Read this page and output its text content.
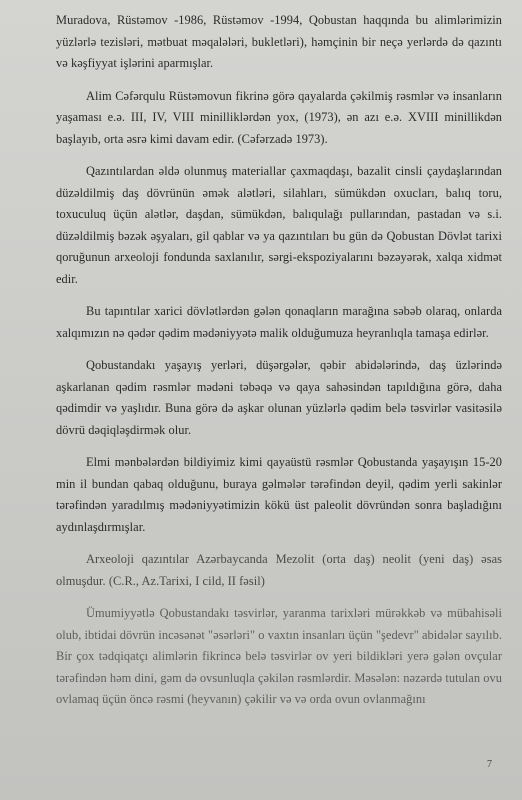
Muradova, Rüstəmov -1986, Rüstəmov -1994, Qobustan haqqında bu alimlərimizin yüzlərlə tezisləri, mətbuat məqalələri, bukletləri), həmçinin bir neçə yerlərdə də qazıntı və kəşfiyyat işlərini aparmışlar.

Alim Cəfərqulu Rüstəmovun fikrinə görə qayalarda çəkilmiş rəsmlər və insanların yaşaması e.ə. III, IV, VIII minilliklərdən yox, (1973), ən azı e.ə. XVIII minillikdən başlayıb, orta əsrə kimi davam edir. (Cəfərzadə 1973).

Qazıntılardan əldə olunmuş materiallar çaxmaqdaşı, bazalit cinsli çaydaşlarından düzəldilmiş daş dövrünün əmək alətləri, silahları, sümükdən oxucları, balıq toru, toxuculuq üçün alətlər, daşdan, sümükdən, balıqulağı pullarından, pastadan və s.i. düzəldilmiş bəzək əşyaları, gil qablar və ya qazıntıları bu gün də Qobustan Dövlət tarixi qoruğunun arxeoloji fondunda saxlanılır, sərgi-ekspoziyalarını bəzəyərək, xalqa xidmət edir.

Bu tapıntılar xarici dövlətlərdən gələn qonaqların marağına səbəb olaraq, onlarda xalqımızın nə qədər qədim mədəniyyətə malik olduğumuza heyranlıqla tamaşa edirlər.

Qobustandakı yaşayış yerləri, düşərgələr, qəbir abidələrində, daş üzlərində aşkarlanan qədim rəsmlər mədəni təbəqə və qaya sahəsindən tapıldığına görə, daha qədimdir və yaşlıdır. Buna görə də aşkar olunan yüzlərlə qədim belə təsvirlər vasitəsilə dövrü dəqiqləşdirmək olur.

Elmi mənbələrdən bildiyimiz kimi qayaüstü rəsmlər Qobustanda yaşayışın 15-20 min il bundan qabaq olduğunu, buraya gəlmələr tərəfindən deyil, qədim yerli sakinlər tərəfindən yaradılmış mədəniyyətimizin kökü üst paleolit dövründən sonra başladığını aydınlaşdırmışlar.

Arxeoloji qazıntılar Azərbaycanda Mezolit (orta daş) neolit (yeni daş) əsas olmuşdur. (C.R., Az.Tarixi, I cild, II fəsil)

Ümumiyyətlə Qobustandakı təsvirlər, yaranma tarixləri mürəkkəb və mübahisəli olub, ibtidai dövrün incəsənət "əsərləri" o vaxtın insanları üçün "şedevr" abidələr sayılıb. Bir çox tədqiqatçı alimlərin fikrincə belə təsvirlər ov yeri bildikləri yerə gələn ovçular tərəfindən həm dini, gəm də ovsunluqla çəkilən rəsmlərdir. Məsələn: nəzərdə tutulan ovu ovlamaq üçün öncə rəsmi (heyvanın) çəkilir və və orda ovun ovlanmağını

7
